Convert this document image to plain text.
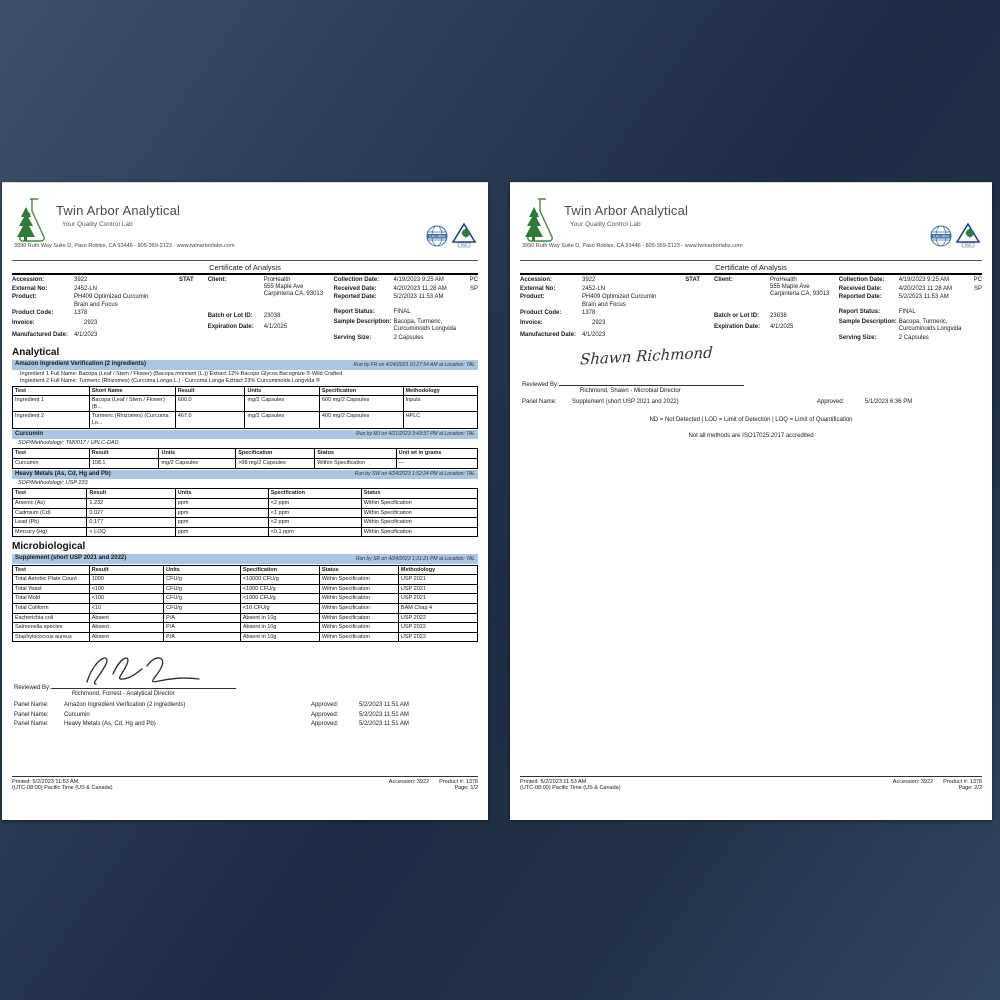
Twin Arbor Analytical
Your Quality Control Lab
3990 Ruth Way Suite D, Paso Robles, CA 93446 - 805-369-2123 - www.twinarborlabs.com
ILAC-MRA
PJLA
Certificate of Analysis
Accession:	3922	STAT
External No:	2452-LN
Product:	PH409 Optimized Curcumin
Brain and Focus
Product Code:	1378
Invoice:	2923
Manufactured Date: 4/1/2023
Client:	ProHealth
555 Maple Ave
Carpinteria CA, 93013
Batch or Lot ID:	23038
Expiration Date:	4/1/2025
Collection Date:	4/19/2023 9:25 AM	PC
Received Date:	4/20/2023 11:28 AM	SP
Reported Date:	5/2/2023 11:53 AM
Report Status:	FINAL
Sample Description: Bacopa, Turmeric,
Curcuminoids Longvida
Serving Size:	2 Capsules
Analytical
Amazon Ingredient Verification (2 ingredients)	Run by FR on 4/24/2023 10:27:54 AM at Location: TAL
Ingredient 1 Full Name: Bacopa (Leaf / Stem / Flower) (Bacopa monnieri (L.)) Extract 12% Bacopa Glycos Bacognize ® Wild Crafted
Ingredient 2 Full Name: Turmeric (Rhizomes) (Curcuma Longa L.) - Curcuma Longa Extract 23% Curcuminoids Longvida ®
Test	Short Name	Result	Units	Specification	Methodology
Ingredient 1	Bacopa (Leaf / Stem / Flower) (B...	600.0	mg/2 Capsules	600 mg/2 Capsules	Inputs
Ingredient 2	Turmeric (Rhizomes) (Curcuma Lo...	467.0	mg/2 Capsules	400 mg/2 Capsules	HPLC
Curcumin	Run by MJ on 4/21/2023 3:43:37 PM at Location: TAL
SOP/Methodology: TM0017 / UPLC-DAD
Test	Result	Units	Specification	Status	Unit wt in grams
Curcumin	108.1	mg/2 Capsules	>98 mg/2 Capsules	Within Specification	---
Heavy Metals (As, Cd, Hg and Pb)	Run by SW on 4/24/2023 1:52:24 PM at Location: TAL
SOP/Methodology: USP 233
Test	Result	Units	Specification	Status
Arsenic (As)	1.232	ppm	<2 ppm	Within Specification
Cadmium (Cd)	0.027	ppm	<1 ppm	Within Specification
Lead (Pb)	0.177	ppm	<2 ppm	Within Specification
Mercury (Hg)	< LOQ	ppm	<0.1 ppm	Within Specification
Microbiological
Supplement (short USP 2021 and 2022)	Run by SR on 4/24/2023 1:31:21 PM at Location: TAL
Test	Result	Units	Specification	Status	Methodology
Total Aerobic Plate Count	1000	CFU/g	<10000 CFU/g	Within Specification	USP 2021
Total Yeast	<100	CFU/g	<1000 CFU/g	Within Specification	USP 2021
Total Mold	<100	CFU/g	<1000 CFU/g	Within Specification	USP 2021
Total Coliform	<10	CFU/g	<10 CFU/g	Within Specification	BAM Chap 4
Escherichia coli	Absent	P/A	Absent in 10g	Within Specification	USP 2022
Salmonella species	Absent	P/A	Absent in 10g	Within Specification	USP 2022
Staphylococcus aureus	Absent	P/A	Absent in 10g	Within Specification	USP 2022
Reviewed By:
Richmond, Forrest - Analytical Director
Panel Name:	Amazon Ingredient Verification (2 ingredients)	Approved:	5/2/2023 11:51 AM
Panel Name:	Curcumin	Approved:	5/2/2023 11:51 AM
Panel Name:	Heavy Metals (As, Cd, Hg and Pb)	Approved:	5/2/2023 11:51 AM
Printed: 5/2/2023 11:53 AM
(UTC-08:00) Pacific Time (US & Canada)
Accession: 3922 Product #: 1378
Page: 1/2
Twin Arbor Analytical
Your Quality Control Lab
3990 Ruth Way Suite D, Paso Robles, CA 93446 - 805-369-2123 - www.twinarborlabs.com
ILAC-MRA
PJLA
Certificate of Analysis
Accession:	3922	STAT
External No:	2452-LN
Product:	PH409 Optimized Curcumin
Brain and Focus
Product Code:	1378
Invoice:	2923
Manufactured Date: 4/1/2023
Client:	ProHealth
555 Maple Ave
Carpinteria CA, 93013
Batch or Lot ID:	23038
Expiration Date:	4/1/2025
Collection Date:	4/19/2023 9:25 AM	PC
Received Date:	4/20/2023 11:28 AM	SP
Reported Date:	5/2/2023 11:53 AM
Report Status:	FINAL
Sample Description: Bacopa, Turmeric,
Curcuminoids Longvida
Serving Size:	2 Capsules
Shawn Richmond
Reviewed By:
Richmond, Shawn - Microbial Director
Panel Name:	Supplement (short USP 2021 and 2022)	Approved:	5/1/2023 6:36 PM
ND = Not Detected | LOD = Limit of Detection | LOQ = Limit of Quantification
Not all methods are ISO17025:2017 accredited
Printed: 5/2/2023 11:53 AM
(UTC-08:00) Pacific Time (US & Canada)
Accession: 3922 Product #: 1378
Page: 2/2
